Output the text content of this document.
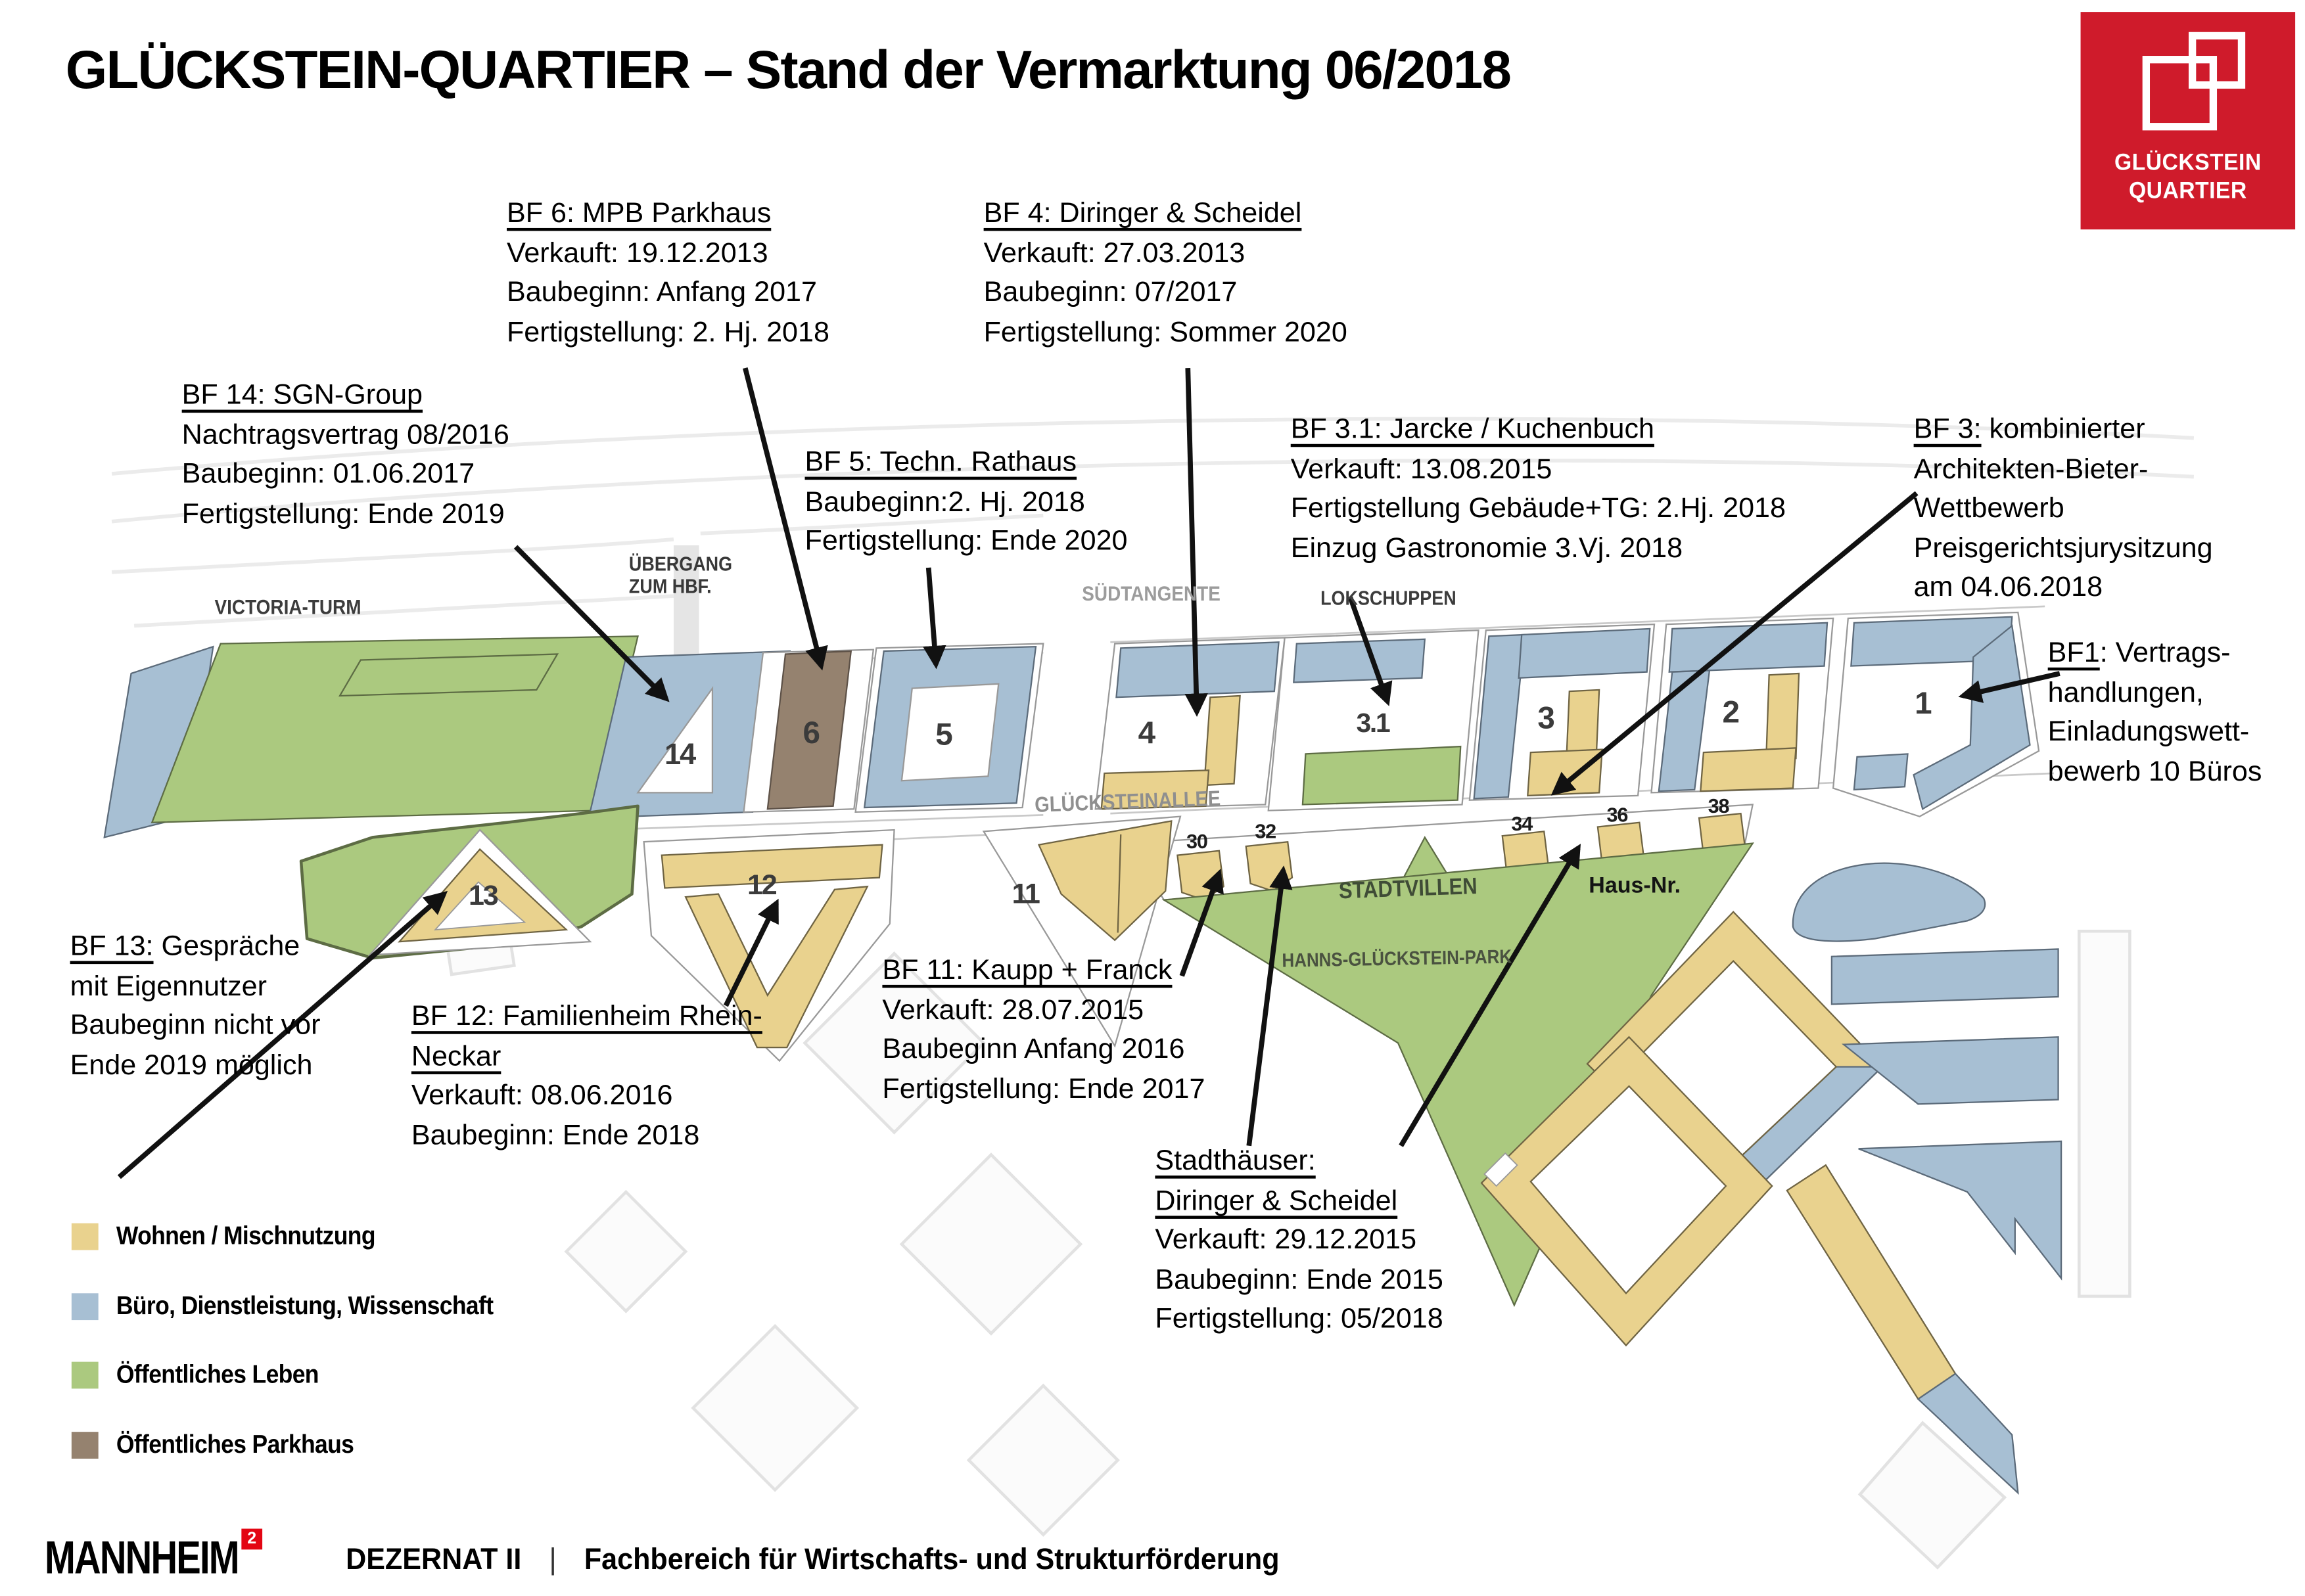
GLÜCKSTEIN-QUARTIER – Stand der Vermarktung 06/2018
GLÜCKSTEIN
QUARTIER
14
6	5	4	3.1	3	2	1
13	12	11
30	32	34	36	38
VICTORIA-TURM
ÜBERGANG
ZUM HBF.	SÜDTANGENTE	LOKSCHUPPEN
GLÜCKSTEINALLEE
STADTVILLEN	Haus-Nr.
HANNS-GLÜCKSTEIN-PARK
BF 6: MPB Parkhaus
Verkauft: 19.12.2013
Baubeginn: Anfang 2017
Fertigstellung: 2. Hj. 2018
BF 4: Diringer & Scheidel
Verkauft: 27.03.2013
Baubeginn: 07/2017
Fertigstellung: Sommer 2020
BF 14: SGN-Group
Nachtragsvertrag 08/2016
Baubeginn: 01.06.2017
Fertigstellung: Ende 2019
BF 5: Techn. Rathaus
Baubeginn:2. Hj. 2018
Fertigstellung: Ende 2020
BF 3.1: Jarcke / Kuchenbuch
Verkauft: 13.08.2015
Fertigstellung Gebäude+TG: 2.Hj. 2018
Einzug Gastronomie 3.Vj. 2018
BF 3: kombinierter
Architekten-Bieter-
Wettbewerb
Preisgerichtsjurysitzung
am 04.06.2018
BF1: Vertrags-
handlungen,
Einladungswett-
bewerb 10 Büros
BF 13: Gespräche
mit Eigennutzer
Baubeginn nicht vor
Ende 2019 möglich
BF 12: Familienheim Rhein-
Neckar
Verkauft: 08.06.2016
Baubeginn: Ende 2018
BF 11: Kaupp + Franck
Verkauft: 28.07.2015
Baubeginn Anfang 2016
Fertigstellung: Ende 2017
Stadthäuser:
Diringer & Scheidel
Verkauft: 29.12.2015
Baubeginn: Ende 2015
Fertigstellung: 05/2018
Wohnen / Mischnutzung
Büro, Dienstleistung, Wissenschaft
Öffentliches Leben
Öffentliches Parkhaus
MANNHEIM	2
DEZERNAT II | Fachbereich für Wirtschafts- und Strukturförderung
